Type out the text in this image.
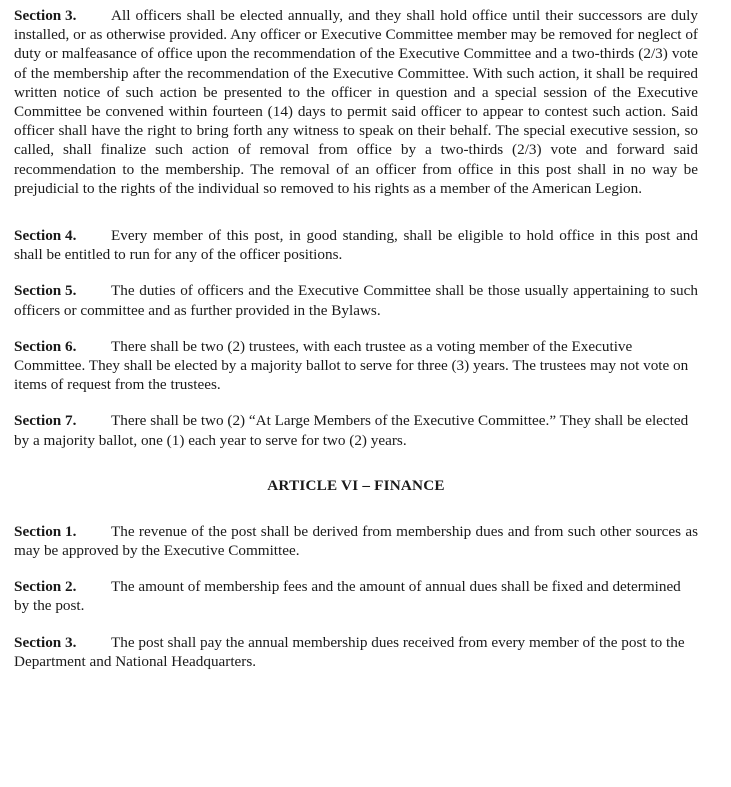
Section 3. All officers shall be elected annually, and they shall hold office until their successors are duly installed, or as otherwise provided. Any officer or Executive Committee member may be removed for neglect of duty or malfeasance of office upon the recommendation of the Executive Committee and a two-thirds (2/3) vote of the membership after the recommendation of the Executive Committee. With such action, it shall be required written notice of such action be presented to the officer in question and a special session of the Executive Committee be convened within fourteen (14) days to permit said officer to appear to contest such action. Said officer shall have the right to bring forth any witness to speak on their behalf. The special executive session, so called, shall finalize such action of removal from office by a two-thirds (2/3) vote and forward said recommendation to the membership. The removal of an officer from office in this post shall in no way be prejudicial to the rights of the individual so removed to his rights as a member of the American Legion.

Section 4. Every member of this post, in good standing, shall be eligible to hold office in this post and shall be entitled to run for any of the officer positions.

Section 5. The duties of officers and the Executive Committee shall be those usually appertaining to such officers or committee and as further provided in the Bylaws.

Section 6. There shall be two (2) trustees, with each trustee as a voting member of the Executive Committee. They shall be elected by a majority ballot to serve for three (3) years. The trustees may not vote on items of request from the trustees.

Section 7. There shall be two (2) “At Large Members of the Executive Committee.” They shall be elected by a majority ballot, one (1) each year to serve for two (2) years.

ARTICLE VI – FINANCE

Section 1. The revenue of the post shall be derived from membership dues and from such other sources as may be approved by the Executive Committee.

Section 2. The amount of membership fees and the amount of annual dues shall be fixed and determined by the post.

Section 3. The post shall pay the annual membership dues received from every member of the post to the Department and National Headquarters.
